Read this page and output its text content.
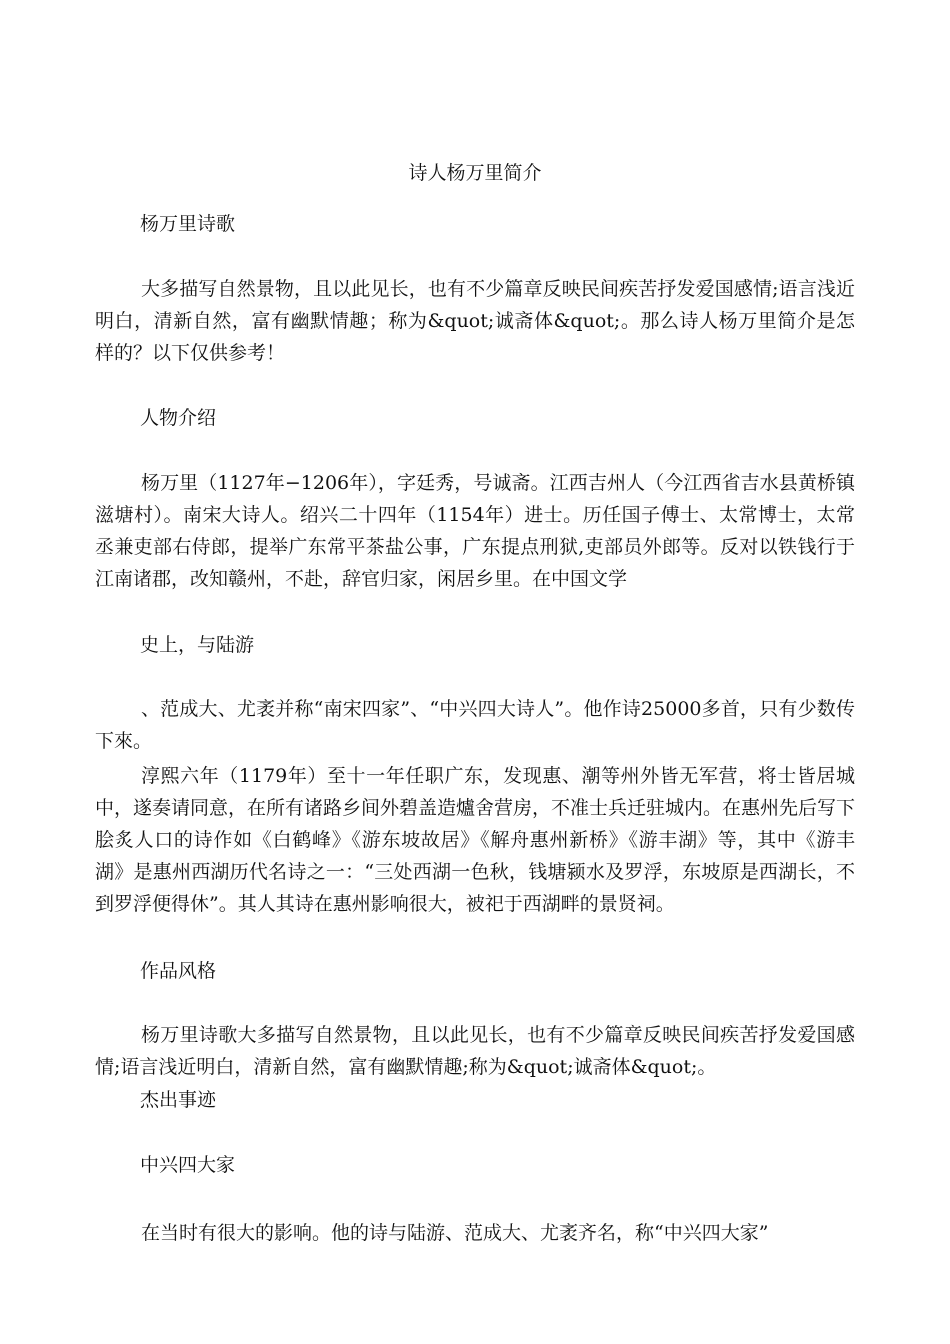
诗人杨万里简介
杨万里诗歌
大多描写自然景物，且以此见长，也有不少篇章反映民间疾苦抒发爱国感情;语言浅近明白，清新自然，富有幽默情趣；称为&quot;诚斋体&quot;。那么诗人杨万里简介是怎样的？以下仅供参考！
人物介绍
杨万里（1127年−1206年），字廷秀，号诚斋。江西吉州人（今江西省吉水县黄桥镇滋塘村）。南宋大诗人。绍兴二十四年（1154年）进士。历任国子傅士、太常博士，太常丞兼吏部右侍郎，提举广东常平茶盐公事，广东提点刑狱,吏部员外郎等。反对以铁钱行于江南诸郡，改知赣州，不赴，辞官归家，闲居乡里。在中国文学
史上，与陆游
、范成大、尤袤并称“南宋四家”、“中兴四大诗人”。他作诗25000多首，只有少数传下來。
淳熙六年（1179年）至十一年任职广东，发现惠、潮等州外皆无军营，将士皆居城中，遂奏请同意，在所有诸路乡间外碧盖造爐舍营房，不准士兵迁驻城内。在惠州先后写下脍炙人口的诗作如《白鹤峰》《游东坡故居》《解舟惠州新桥》《游丰湖》等，其中《游丰湖》是惠州西湖历代名诗之一：“三处西湖一色秋，钱塘颍水及罗浮，东坡原是西湖长，不到罗浮便得休”。其人其诗在惠州影响很大，被祀于西湖畔的景贤祠。
作品风格
杨万里诗歌大多描写自然景物，且以此见长，也有不少篇章反映民间疾苦抒发爱国感情;语言浅近明白，清新自然，富有幽默情趣;称为&quot;诚斋体&quot;。
杰出事迹
中兴四大家
在当时有很大的影响。他的诗与陆游、范成大、尤袤齐名，称“中兴四大家”
